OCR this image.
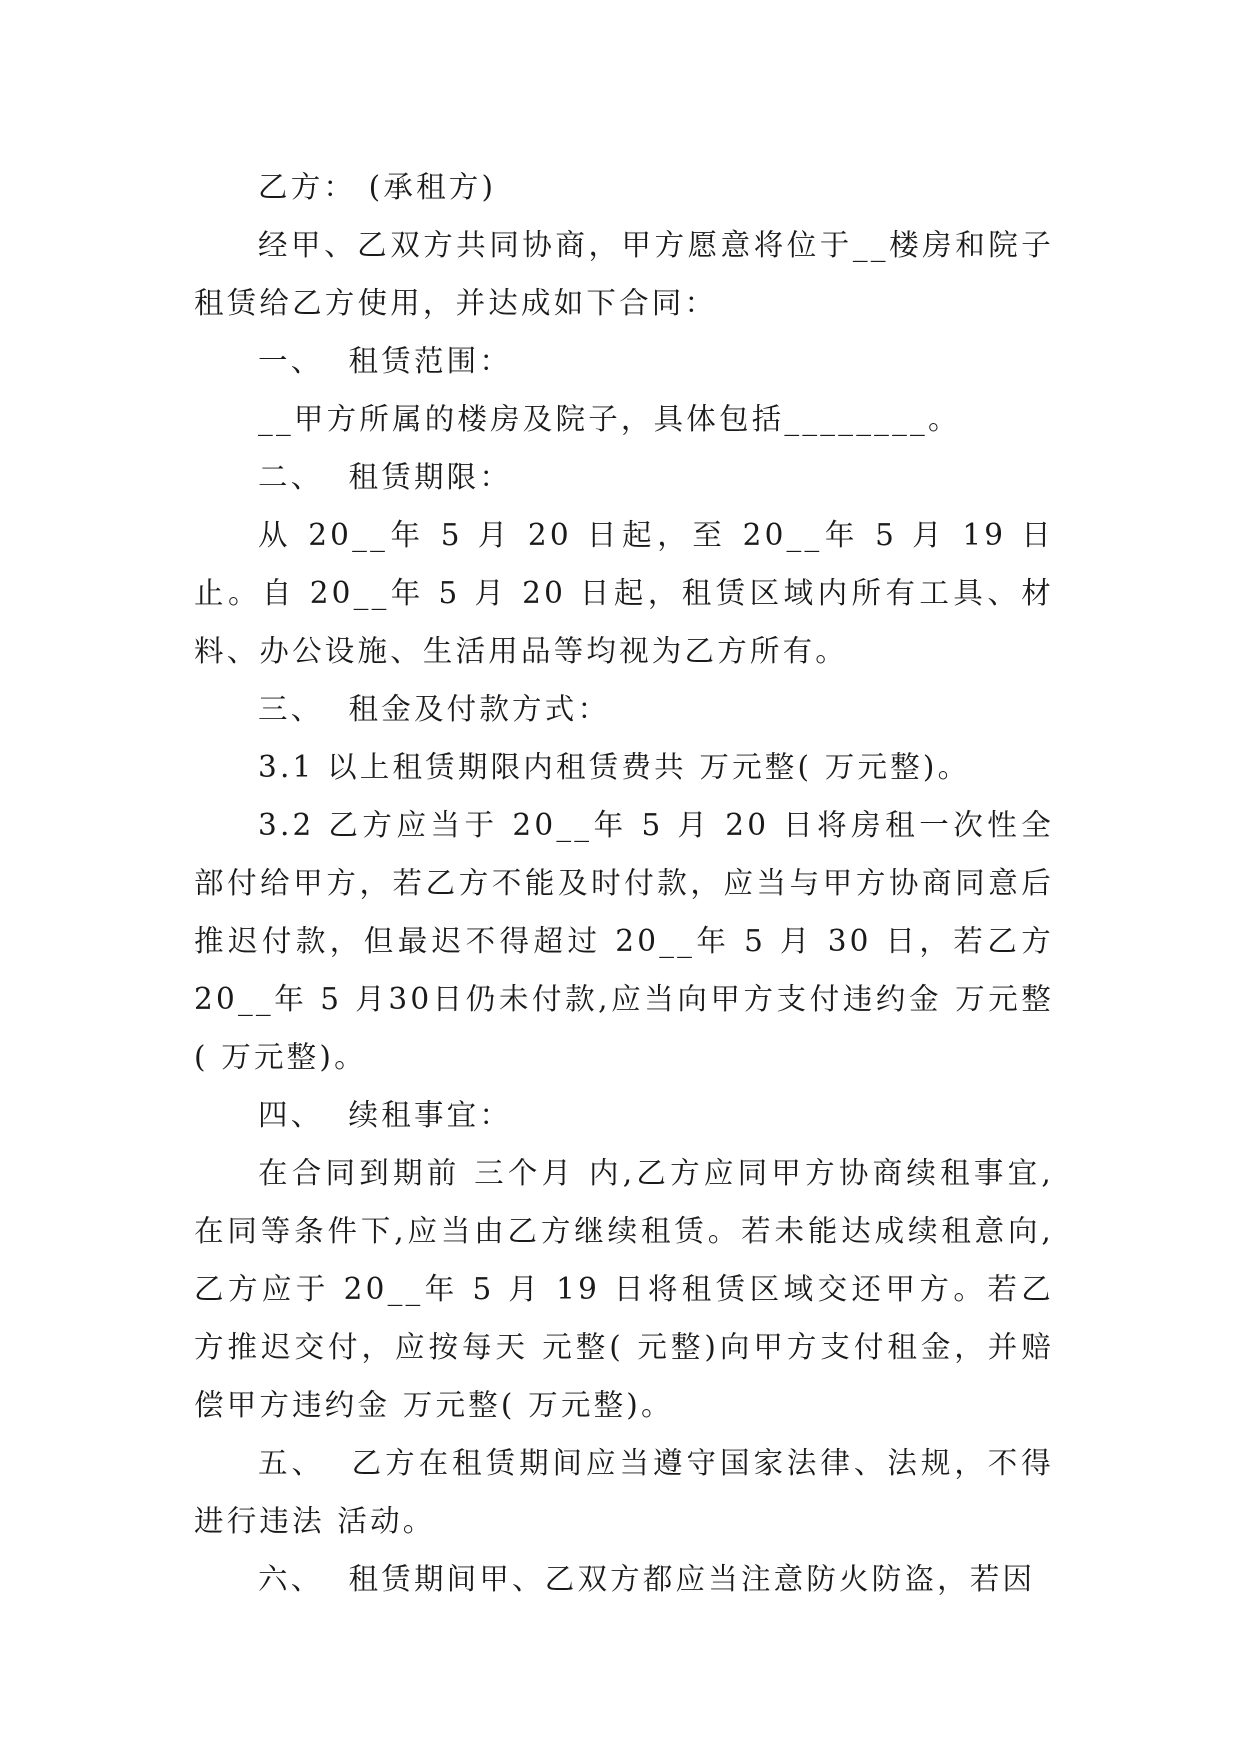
乙方： (承租方)

经甲、乙双方共同协商，甲方愿意将位于__楼房和院子租赁给乙方使用，并达成如下合同：

一、  租赁范围：

__甲方所属的楼房及院子，具体包括________。

二、  租赁期限：

从 20__年 5 月 20 日起，至 20__年 5 月 19 日止。自 20__年 5 月 20 日起，租赁区域内所有工具、材料、办公设施、生活用品等均视为乙方所有。

三、  租金及付款方式：

3.1 以上租赁期限内租赁费共 万元整( 万元整)。

3.2 乙方应当于 20__年 5 月 20 日将房租一次性全部付给甲方，若乙方不能及时付款，应当与甲方协商同意后推迟付款，但最迟不得超过 20__年 5 月 30 日，若乙方 20__年 5 月30日仍未付款,应当向甲方支付违约金 万元整( 万元整)。

四、  续租事宜：

在合同到期前 三个月 内,乙方应同甲方协商续租事宜,在同等条件下,应当由乙方继续租赁。若未能达成续租意向,乙方应于 20__年 5 月 19 日将租赁区域交还甲方。若乙方推迟交付，应按每天 元整( 元整)向甲方支付租金，并赔偿甲方违约金 万元整( 万元整)。

五、  乙方在租赁期间应当遵守国家法律、法规，不得进行违法 活动。

六、  租赁期间甲、乙双方都应当注意防火防盗，若因
